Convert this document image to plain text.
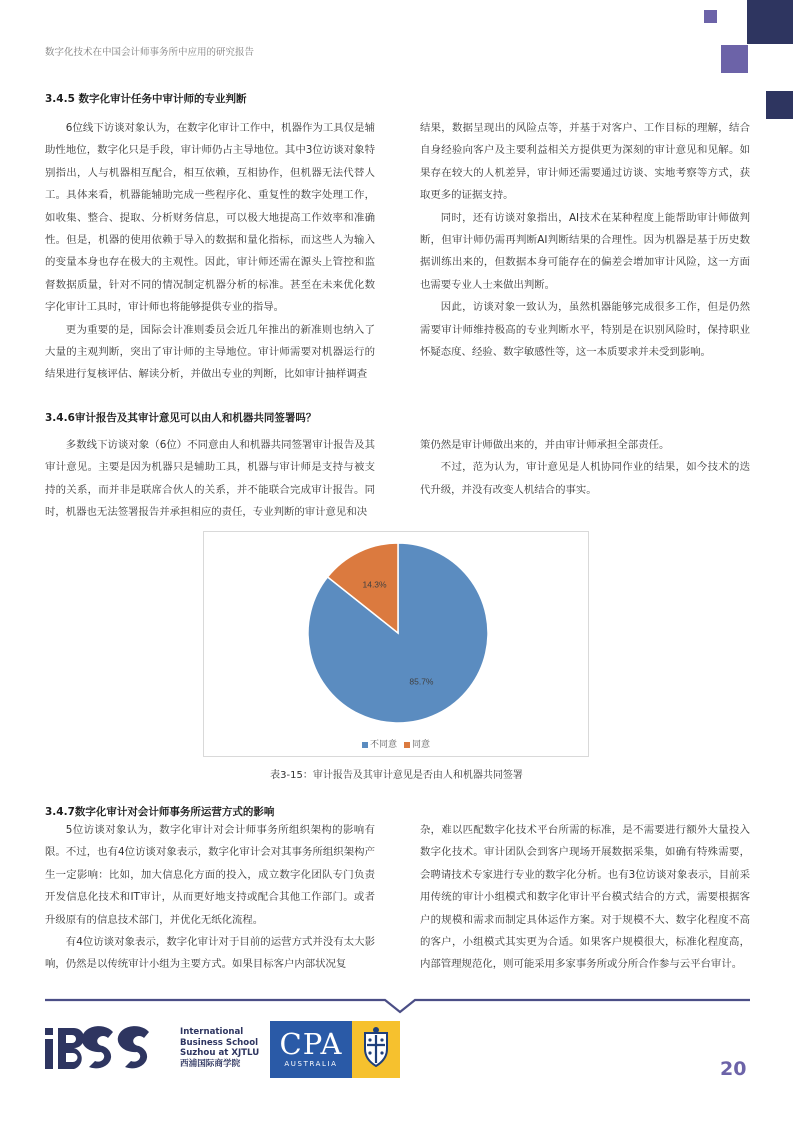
数字化技术在中国会计师事务所中应用的研究报告
3.4.5 数字化审计任务中审计师的专业判断

6位线下访谈对象认为，在数字化审计工作中，机器作为工具仅是辅助性地位，数字化只是手段，审计师仍占主导地位。其中3位访谈对象特别指出，人与机器相互配合，相互依赖，互相协作，但机器无法代替人工。具体来看，机器能辅助完成一些程序化、重复性的数字处理工作，如收集、整合、提取、分析财务信息，可以极大地提高工作效率和准确性。但是，机器的使用依赖于导入的数据和量化指标，而这些人为输入的变量本身也存在极大的主观性。因此，审计师还需在源头上管控和监督数据质量，针对不同的情况制定机器分析的标准。甚至在未来优化数字化审计工具时，审计师也将能够提供专业的指导。

更为重要的是，国际会计准则委员会近几年推出的新准则也纳入了大量的主观判断，突出了审计师的主导地位。审计师需要对机器运行的结果进行复核评估、解读分析，并做出专业的判断，比如审计抽样调查

结果，数据呈现出的风险点等，并基于对客户、工作目标的理解，结合自身经验向客户及主要利益相关方提供更为深刻的审计意见和见解。如果存在较大的人机差异，审计师还需要通过访谈、实地考察等方式，获取更多的证据支持。

同时，还有访谈对象指出，AI技术在某种程度上能帮助审计师做判断，但审计师仍需再判断AI判断结果的合理性。因为机器是基于历史数据训练出来的，但数据本身可能存在的偏差会增加审计风险，这一方面也需要专业人士来做出判断。

因此，访谈对象一致认为，虽然机器能够完成很多工作，但是仍然需要审计师维持极高的专业判断水平，特别是在识别风险时，保持职业怀疑态度、经验、数字敏感性等，这一本质要求并未受到影响。

3.4.6审计报告及其审计意见可以由人和机器共同签署吗？

多数线下访谈对象（6位）不同意由人和机器共同签署审计报告及其审计意见。主要是因为机器只是辅助工具，机器与审计师是支持与被支持的关系，而并非是联席合伙人的关系，并不能联合完成审计报告。同时，机器也无法签署报告并承担相应的责任，专业判断的审计意见和决

策仍然是审计师做出来的，并由审计师承担全部责任。

不过，范为认为，审计意见是人机协同作业的结果，如今技术的迭代升级，并没有改变人机结合的事实。

85.7%
14.3%
不同意 同意
表3-15：审计报告及其审计意见是否由人和机器共同签署
3.4.7数字化审计对会计师事务所运营方式的影响

5位访谈对象认为，数字化审计对会计师事务所组织架构的影响有限。不过，也有4位访谈对象表示，数字化审计会对其事务所组织架构产生一定影响：比如，加大信息化方面的投入，成立数字化团队专门负责开发信息化技术和IT审计，从而更好地支持或配合其他工作部门。或者升级原有的信息技术部门，并优化无纸化流程。

有4位访谈对象表示，数字化审计对于目前的运营方式并没有太大影响，仍然是以传统审计小组为主要方式。如果目标客户内部状况复

杂，难以匹配数字化技术平台所需的标准，是不需要进行额外大量投入数字化技术。审计团队会到客户现场开展数据采集，如确有特殊需要，会聘请技术专家进行专业的数字化分析。也有3位访谈对象表示，目前采用传统的审计小组模式和数字化审计平台模式结合的方式，需要根据客户的规模和需求而制定具体运作方案。对于规模不大、数字化程度不高的客户，小组模式其实更为合适。如果客户规模很大，标准化程度高，内部管理规范化，则可能采用多家事务所或分所合作参与云平台审计。

International
Business School
Suzhou at XJTLU
西浦国际商学院
CPA
AUSTRALIA	20
